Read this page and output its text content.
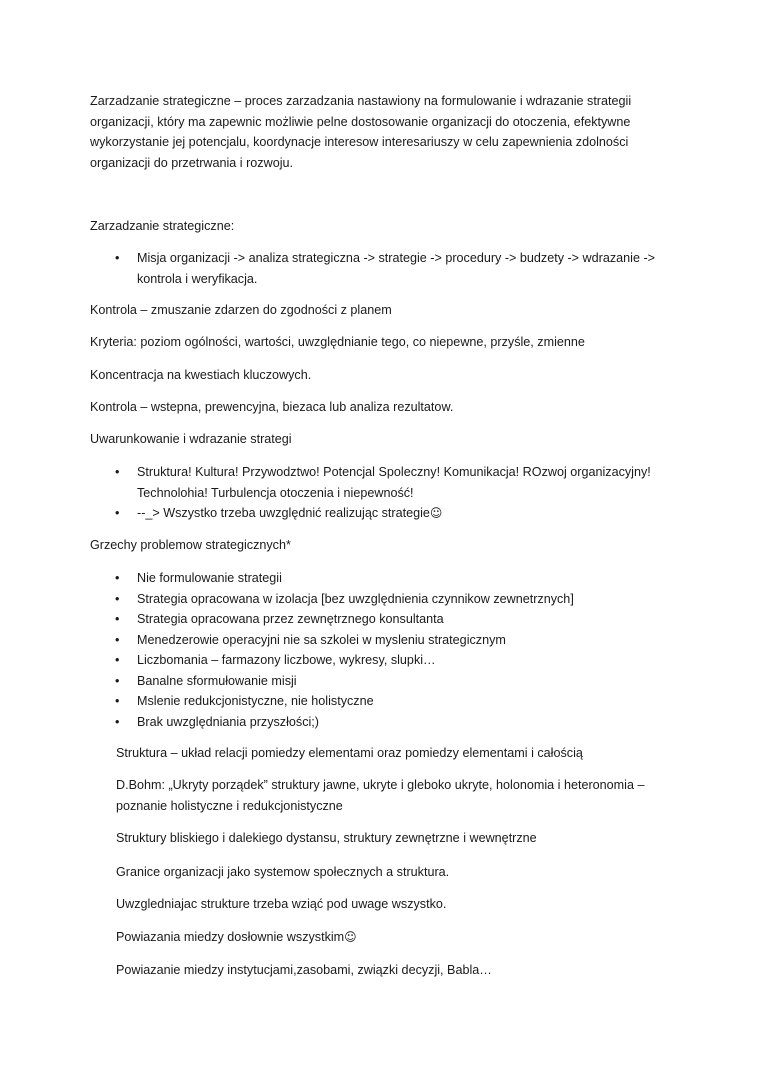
Zarzadzanie strategiczne – proces zarzadzania nastawiony na formulowanie i wdrazanie strategii organizacji, który ma zapewnic możliwie pelne dostosowanie organizacji do otoczenia, efektywne wykorzystanie jej potencjalu, koordynacje interesow interesariuszy w celu zapewnienia zdolności organizacji do przetrwania i rozwoju.
Zarzadzanie strategiczne:
• Misja organizacji -> analiza strategiczna -> strategie -> procedury -> budzety -> wdrazanie -> kontrola i weryfikacja.
Kontrola – zmuszanie zdarzen do zgodności z planem
Kryteria: poziom ogólności, wartości, uwzględnianie tego, co niepewne, przyśle, zmienne
Koncentracja na kwestiach kluczowych.
Kontrola – wstepna, prewencyjna, biezaca lub analiza rezultatow.
Uwarunkowanie i wdrazanie strategi
• Struktura! Kultura! Przywodztwo! Potencjal Spoleczny! Komunikacja! ROzwoj organizacyjny! Technolohia! Turbulencja otoczenia i niepewność!
• --_> Wszystko trzeba uwzględnić realizując strategie☺
Grzechy problemow strategicznych*
• Nie formulowanie strategii
• Strategia opracowana w izolacja [bez uwzględnienia czynnikow zewnetrznych]
• Strategia opracowana przez zewnętrznego konsultanta
• Menedzerowie operacyjni nie sa szkolei w mysleniu strategicznym
• Liczbomania – farmazony liczbowe, wykresy, slupki…
• Banalne sformułowanie misji
• Mslenie redukcjonistyczne, nie holistyczne
• Brak uwzględniania przyszłości;)
Struktura – układ relacji pomiedzy elementami oraz pomiedzy elementami i całością
D.Bohm: „Ukryty porządek” struktury jawne, ukryte i gleboko ukryte, holonomia i heteronomia – poznanie holistyczne i redukcjonistyczne
Struktury bliskiego i dalekiego dystansu, struktury zewnętrzne i wewnętrzne
Granice organizacji jako systemow społecznych a struktura.
Uwzgledniajac strukture trzeba wziąć pod uwage wszystko.
Powiazania miedzy dosłownie wszystkim☺
Powiazanie miedzy instytucjami,zasobami, związki decyzji, Babla…
